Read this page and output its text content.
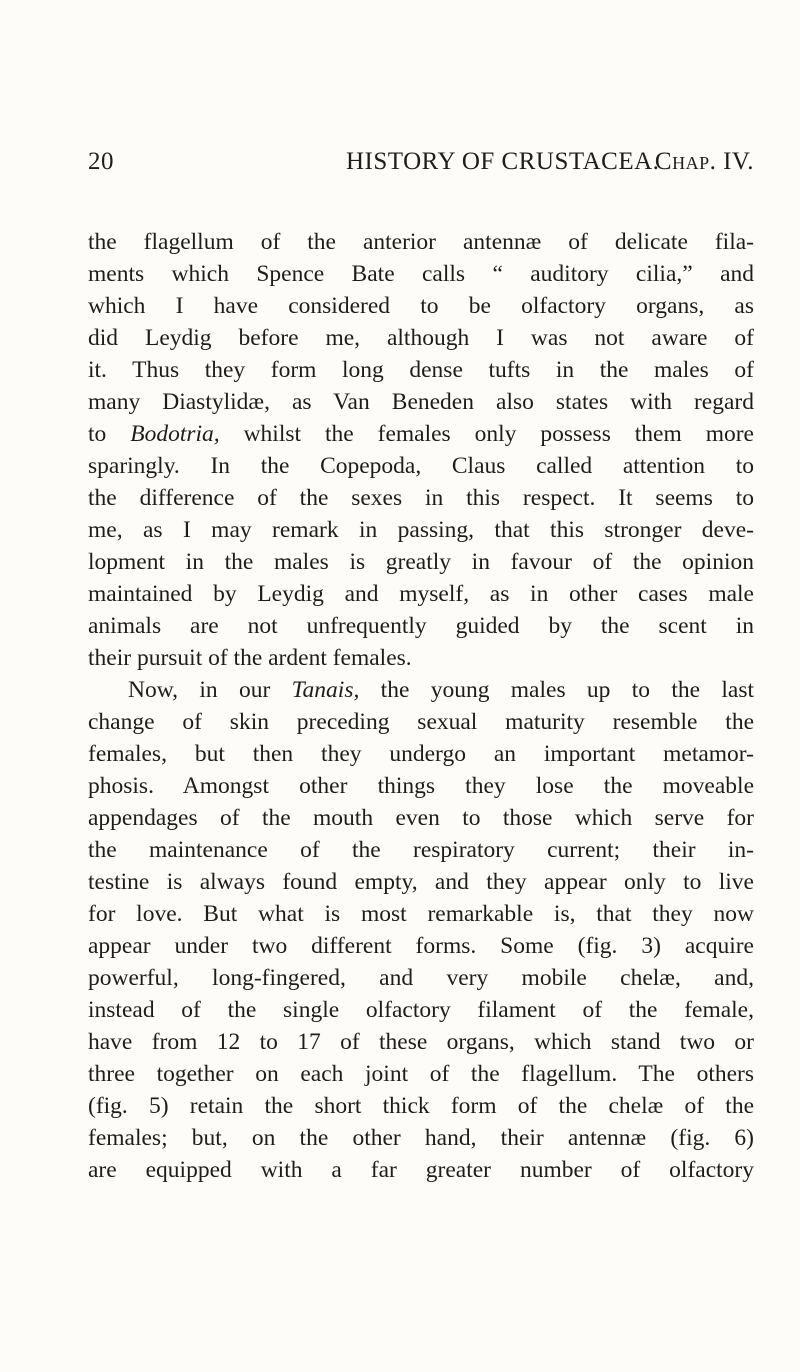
20	HISTORY OF CRUSTACEA.
Chap. IV.
the flagellum of the anterior antennæ of delicate fila-
ments which Spence Bate calls “ auditory cilia,” and
which I have considered to be olfactory organs, as
did Leydig before me, although I was not aware of
it. Thus they form long dense tufts in the males of
many Diastylidæ, as Van Beneden also states with regard
to Bodotria, whilst the females only possess them more
sparingly. In the Copepoda, Claus called attention to
the difference of the sexes in this respect. It seems to
me, as I may remark in passing, that this stronger deve-
lopment in the males is greatly in favour of the opinion
maintained by Leydig and myself, as in other cases male
animals are not unfrequently guided by the scent in
their pursuit of the ardent females.
Now, in our Tanais, the young males up to the last
change of skin preceding sexual maturity resemble the
females, but then they undergo an important metamor-
phosis. Amongst other things they lose the moveable
appendages of the mouth even to those which serve for
the maintenance of the respiratory current; their in-
testine is always found empty, and they appear only to live
for love. But what is most remarkable is, that they now
appear under two different forms. Some (fig. 3) acquire
powerful, long-fingered, and very mobile chelæ, and,
instead of the single olfactory filament of the female,
have from 12 to 17 of these organs, which stand two or
three together on each joint of the flagellum. The others
(fig. 5) retain the short thick form of the chelæ of the
females; but, on the other hand, their antennæ (fig. 6)
are equipped with a far greater number of olfactory
